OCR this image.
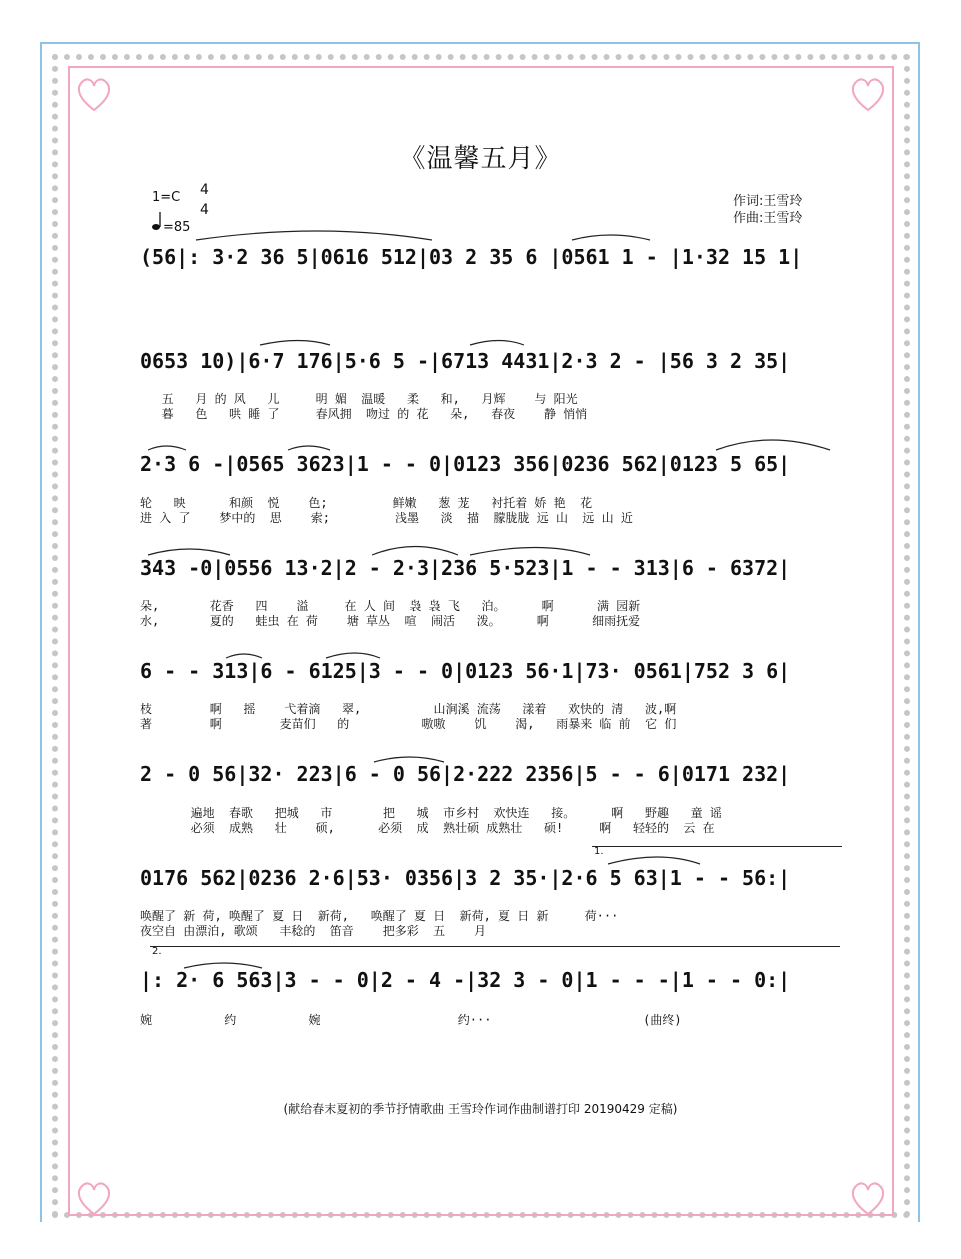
《温馨五月》
1=C 4
4
=85
作词:王雪玲
作曲:王雪玲
(56|: 3·2 36 5|0616 512|03 2 35 6 |0561 1 - |1·32 15 1|
0653 10)|6·7 176|5·6 5 -|6713 4431|2·3 2 - |56 3 2 35|
五   月 的 风   儿     明 媚  温暖   柔   和,   月辉    与 阳光
暮   色   哄 睡 了     春风拥  吻过 的 花   朵,   春夜    静 悄悄
2·3 6 -|0565 3623|1 - - 0|0123 356|0236 562|0123 5 65|
轮   映      和颜  悦    色;         鲜嫩   葱 茏   衬托着 娇 艳  花
进 入 了    梦中的  思    索;         浅墨   淡  描  朦胧胧 远 山  远 山 近
343 -0|0556 13·2|2 - 2·3|236 5·523|1 - - 313|6 - 6372|
朵,       花香   四    溢     在 人 间  袅 袅 飞   泊。     啊      满 园新
水,       夏的   蛙虫 在 荷    塘 草丛  喧  闹活   泼。     啊      细雨抚爱
6 - - 313|6 - 6125|3 - - 0|0123 56·1|73· 0561|752 3 6|
枝        啊   摇    弋着滴   翠,          山涧溪 流荡   漾着   欢快的 清   波,啊
著        啊        麦苗们   的          嗷嗷    饥    渴,   雨暴来 临 前  它 们
2 - 0 56|32· 223|6 - 0 56|2·222 2356|5 - - 6|0171 232|
遍地  春歌   把城   市       把   城  市乡村  欢快连   接。     啊   野趣   童 谣
必须  成熟   壮    硕,      必须  成  熟壮硕 成熟壮   硕!     啊   轻轻的  云 在
1.
0176 562|0236 2·6|53· 0356|3 2 35·|2·6 5 63|1 - - 56:|
唤醒了 新 荷, 唤醒了 夏 日  新荷,   唤醒了 夏 日  新荷, 夏 日 新     荷···
夜空自 由漂泊, 歌颂   丰稔的  笛音    把多彩  五    月
2.
|: 2· 6 563|3 - - 0|2 - 4 -|32 3 - 0|1 - - -|1 - - 0:|
婉          约          婉                   约···                     (曲终)
(献给春末夏初的季节抒情歌曲 王雪玲作词作曲制谱打印 20190429 定稿)
